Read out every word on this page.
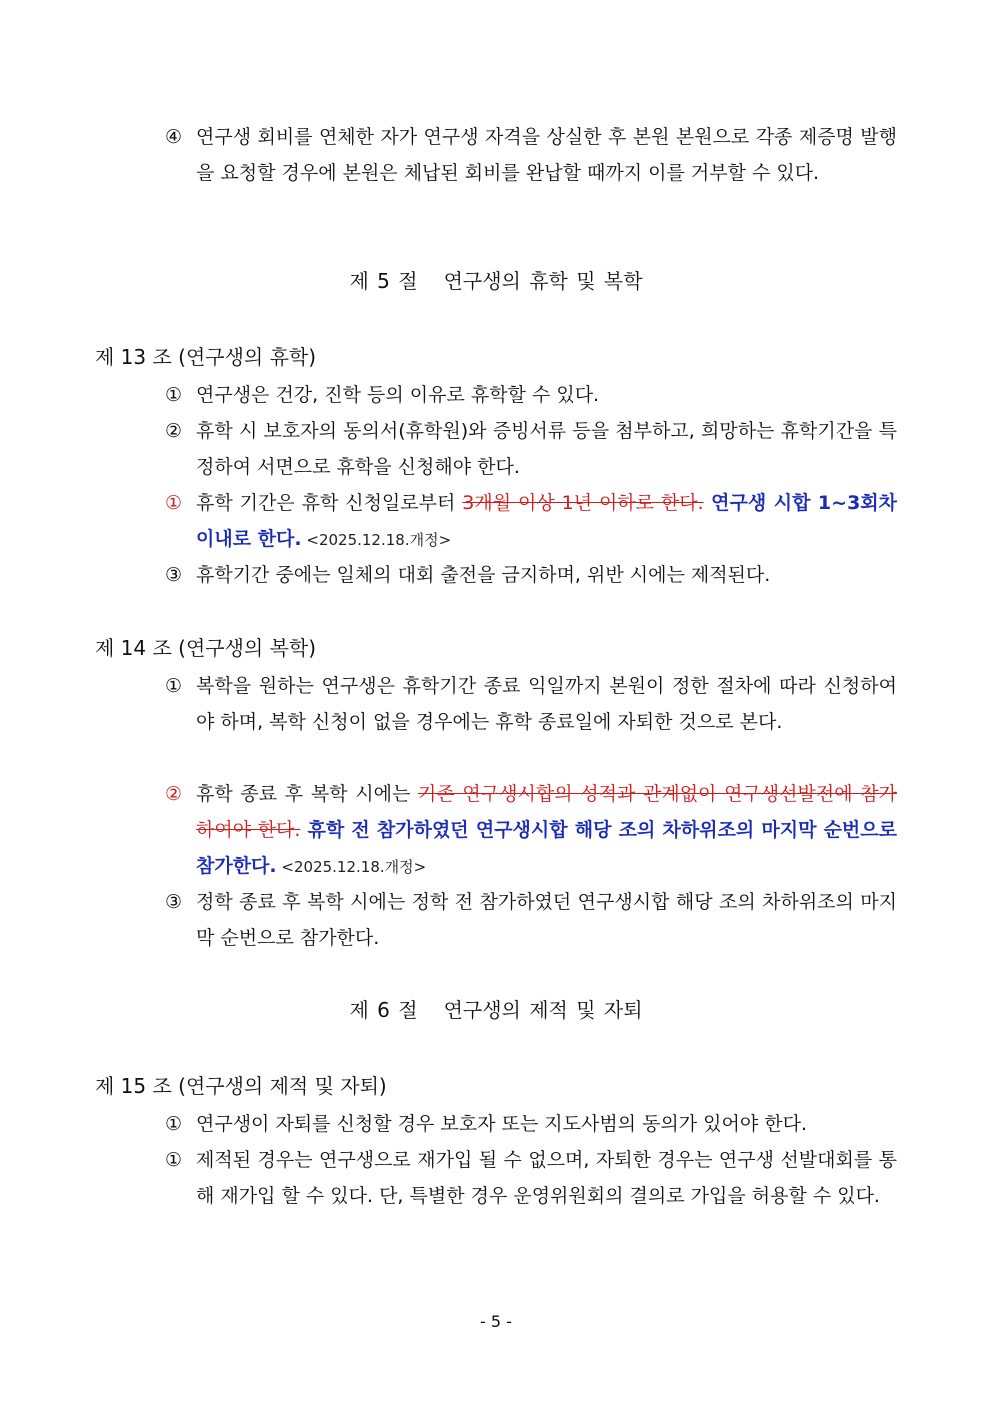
④ 연구생 회비를 연체한 자가 연구생 자격을 상실한 후 본원 본원으로 각종 제증명 발행을 요청할 경우에 본원은 체납된 회비를 완납할 때까지 이를 거부할 수 있다.
제 5 절 연구생의 휴학 및 복학
제 13 조 (연구생의 휴학)
① 연구생은 건강, 진학 등의 이유로 휴학할 수 있다.
② 휴학 시 보호자의 동의서(휴학원)와 증빙서류 등을 첨부하고, 희망하는 휴학기간을 특정하여 서면으로 휴학을 신청해야 한다.
① 휴학 기간은 휴학 신청일로부터 3개월 이상 1년 이하로 한다. 연구생 시합 1~3회차 이내로 한다. <2025.12.18.개정>
③ 휴학기간 중에는 일체의 대회 출전을 금지하며, 위반 시에는 제적된다.
제 14 조 (연구생의 복학)
① 복학을 원하는 연구생은 휴학기간 종료 익일까지 본원이 정한 절차에 따라 신청하여야 하며, 복학 신청이 없을 경우에는 휴학 종료일에 자퇴한 것으로 본다.
② 휴학 종료 후 복학 시에는 기존 연구생시합의 성적과 관계없이 연구생선발전에 참가하여야 한다. 휴학 전 참가하였던 연구생시합 해당 조의 차하위조의 마지막 순번으로 참가한다. <2025.12.18.개정>
③ 정학 종료 후 복학 시에는 정학 전 참가하였던 연구생시합 해당 조의 차하위조의 마지막 순번으로 참가한다.
제 6 절 연구생의 제적 및 자퇴
제 15 조 (연구생의 제적 및 자퇴)
① 연구생이 자퇴를 신청할 경우 보호자 또는 지도사범의 동의가 있어야 한다.
① 제적된 경우는 연구생으로 재가입 될 수 없으며, 자퇴한 경우는 연구생 선발대회를 통해 재가입 할 수 있다. 단, 특별한 경우 운영위원회의 결의로 가입을 허용할 수 있다.
- 5 -
